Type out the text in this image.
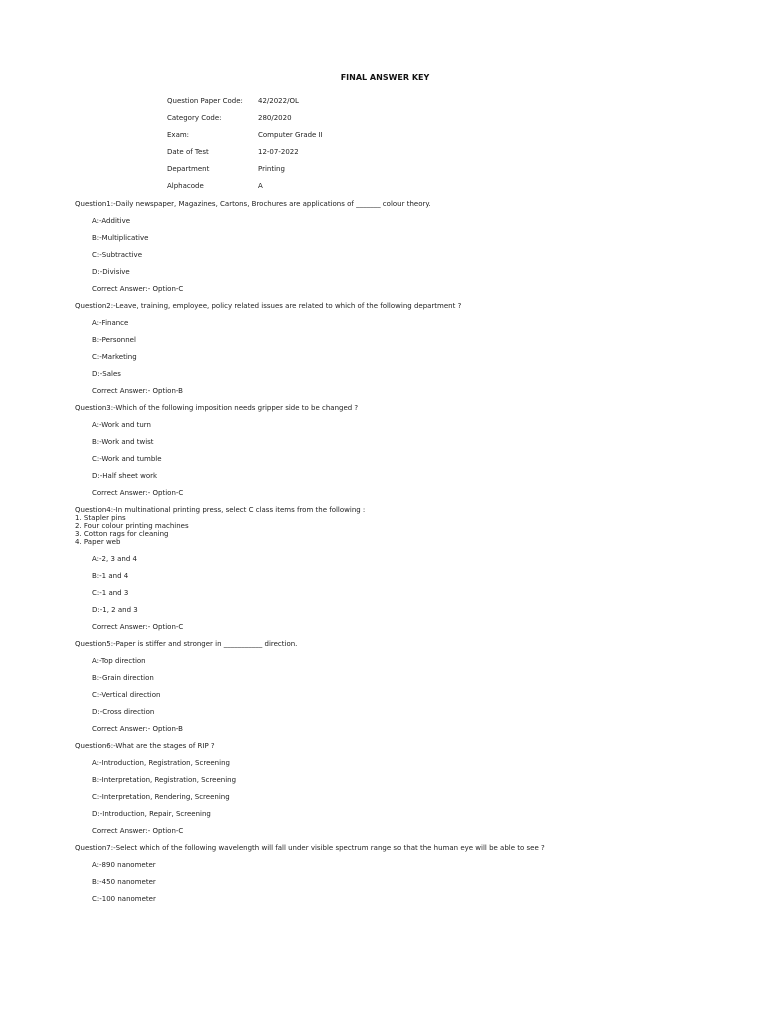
FINAL ANSWER KEY
Question Paper Code:	42/2022/OL
Category Code:	280/2020
Exam:	Computer Grade II
Date of Test	12-07-2022
Department	Printing
Alphacode	A
Question1:-Daily newspaper, Magazines, Cartons, Brochures are applications of _______ colour theory.
A:-Additive
B:-Multiplicative
C:-Subtractive
D:-Divisive
Correct Answer:- Option-C
Question2:-Leave, training, employee, policy related issues are related to which of the following department ?
A:-Finance
B:-Personnel
C:-Marketing
D:-Sales
Correct Answer:- Option-B
Question3:-Which of the following imposition needs gripper side to be changed ?
A:-Work and turn
B:-Work and twist
C:-Work and tumble
D:-Half sheet work
Correct Answer:- Option-C
Question4:-In multinational printing press, select C class items from the following :
1. Stapler pins
2. Four colour printing machines
3. Cotton rags for cleaning
4. Paper web
A:-2, 3 and 4
B:-1 and 4
C:-1 and 3
D:-1, 2 and 3
Correct Answer:- Option-C
Question5:-Paper is stiffer and stronger in ___________ direction.
A:-Top direction
B:-Grain direction
C:-Vertical direction
D:-Cross direction
Correct Answer:- Option-B
Question6:-What are the stages of RIP ?
A:-Introduction, Registration, Screening
B:-Interpretation, Registration, Screening
C:-Interpretation, Rendering, Screening
D:-Introduction, Repair, Screening
Correct Answer:- Option-C
Question7:-Select which of the following wavelength will fall under visible spectrum range so that the human eye will be able to see ?
A:-890 nanometer
B:-450 nanometer
C:-100 nanometer
